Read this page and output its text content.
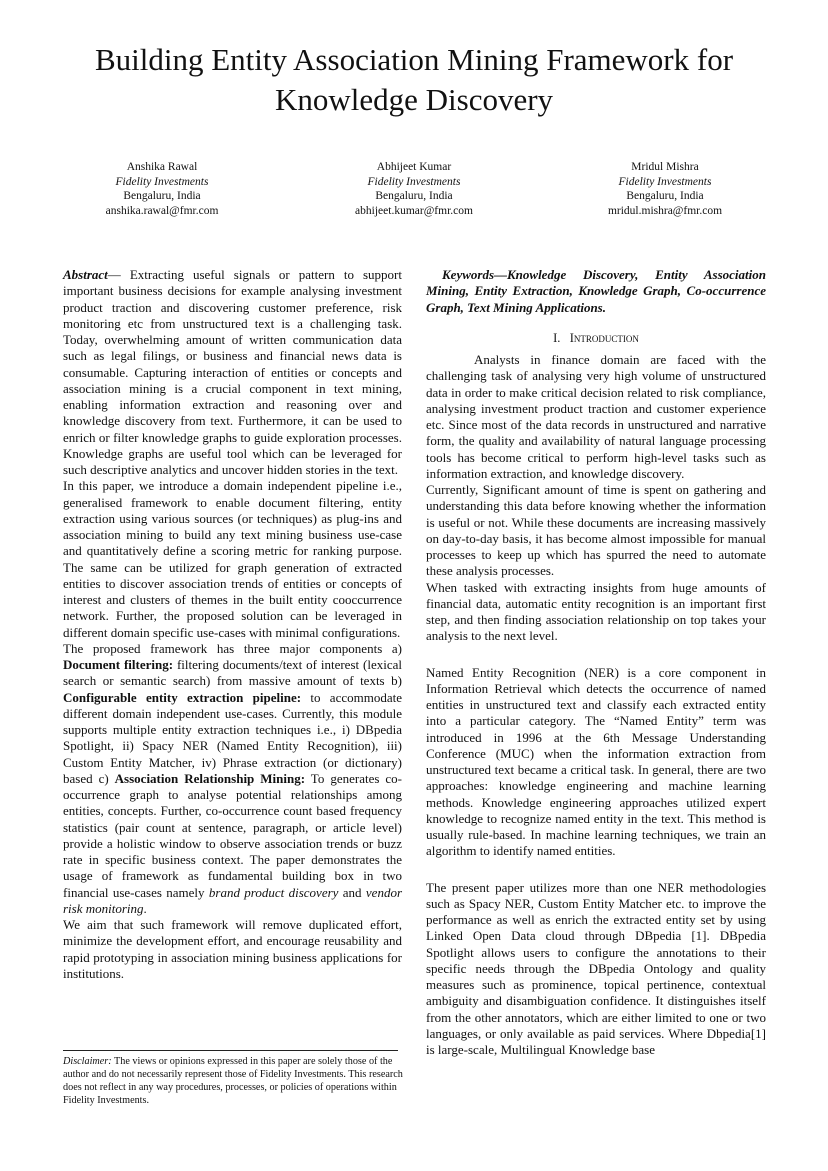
Building Entity Association Mining Framework for Knowledge Discovery
Anshika Rawal
Fidelity Investments
Bengaluru, India
anshika.rawal@fmr.com
Abhijeet Kumar
Fidelity Investments
Bengaluru, India
abhijeet.kumar@fmr.com
Mridul Mishra
Fidelity Investments
Bengaluru, India
mridul.mishra@fmr.com

Abstract— Extracting useful signals or pattern to support important business decisions for example analysing investment product traction and discovering customer preference, risk monitoring etc from unstructured text is a challenging task. Today, overwhelming amount of written communication data such as legal filings, or business and financial news data is consumable. Capturing interaction of entities or concepts and association mining is a crucial component in text mining, enabling information extraction and reasoning over and knowledge discovery from text. Furthermore, it can be used to enrich or filter knowledge graphs to guide exploration processes. Knowledge graphs are useful tool which can be leveraged for such descriptive analytics and uncover hidden stories in the text.

In this paper, we introduce a domain independent pipeline i.e., generalised framework to enable document filtering, entity extraction using various sources (or techniques) as plug-ins and association mining to build any text mining business use-case and quantitatively define a scoring metric for ranking purpose. The same can be utilized for graph generation of extracted entities to discover association trends of entities or concepts of interest and clusters of themes in the built entity cooccurrence network. Further, the proposed solution can be leveraged in different domain specific use-cases with minimal configurations.

The proposed framework has three major components a) Document filtering: filtering documents/text of interest (lexical search or semantic search) from massive amount of texts b) Configurable entity extraction pipeline: to accommodate different domain independent use-cases. Currently, this module supports multiple entity extraction techniques i.e., i) DBpedia Spotlight, ii) Spacy NER (Named Entity Recognition), iii) Custom Entity Matcher, iv) Phrase extraction (or dictionary) based c) Association Relationship Mining: To generates co-occurrence graph to analyse potential relationships among entities, concepts. Further, co-occurrence count based frequency statistics (pair count at sentence, paragraph, or article level) provide a holistic window to observe association trends or buzz rate in specific business context. The paper demonstrates the usage of framework as fundamental building box in two financial use-cases namely brand product discovery and vendor risk monitoring.

We aim that such framework will remove duplicated effort, minimize the development effort, and encourage reusability and rapid prototyping in association mining business applications for institutions.

Disclaimer: The views or opinions expressed in this paper are solely those of the author and do not necessarily represent those of Fidelity Investments. This research does not reflect in any way procedures, processes, or policies of operations within Fidelity Investments.

Keywords—Knowledge Discovery, Entity Association Mining, Entity Extraction, Knowledge Graph, Co-occurrence Graph, Text Mining Applications.

I. Introduction

Analysts in finance domain are faced with the challenging task of analysing very high volume of unstructured data in order to make critical decision related to risk compliance, analysing investment product traction and customer experience etc. Since most of the data records in unstructured and narrative form, the quality and availability of natural language processing tools has become critical to perform high-level tasks such as information extraction, and knowledge discovery.

Currently, Significant amount of time is spent on gathering and understanding this data before knowing whether the information is useful or not. While these documents are increasing massively on day-to-day basis, it has become almost impossible for manual processes to keep up which has spurred the need to automate these analysis processes.

When tasked with extracting insights from huge amounts of financial data, automatic entity recognition is an important first step, and then finding association relationship on top takes your analysis to the next level.

Named Entity Recognition (NER) is a core component in Information Retrieval which detects the occurrence of named entities in unstructured text and classify each extracted entity into a particular category. The “Named Entity” term was introduced in 1996 at the 6th Message Understanding Conference (MUC) when the information extraction from unstructured text became a critical task. In general, there are two approaches: knowledge engineering and machine learning methods. Knowledge engineering approaches utilized expert knowledge to recognize named entity in the text. This method is usually rule-based. In machine learning techniques, we train an algorithm to identify named entities.

The present paper utilizes more than one NER methodologies such as Spacy NER, Custom Entity Matcher etc. to improve the performance as well as enrich the extracted entity set by using Linked Open Data cloud through DBpedia [1]. DBpedia Spotlight allows users to configure the annotations to their specific needs through the DBpedia Ontology and quality measures such as prominence, topical pertinence, contextual ambiguity and disambiguation confidence. It distinguishes itself from the other annotators, which are either limited to one or two languages, or only available as paid services. Where Dbpedia[1] is large-scale, Multilingual Knowledge base
